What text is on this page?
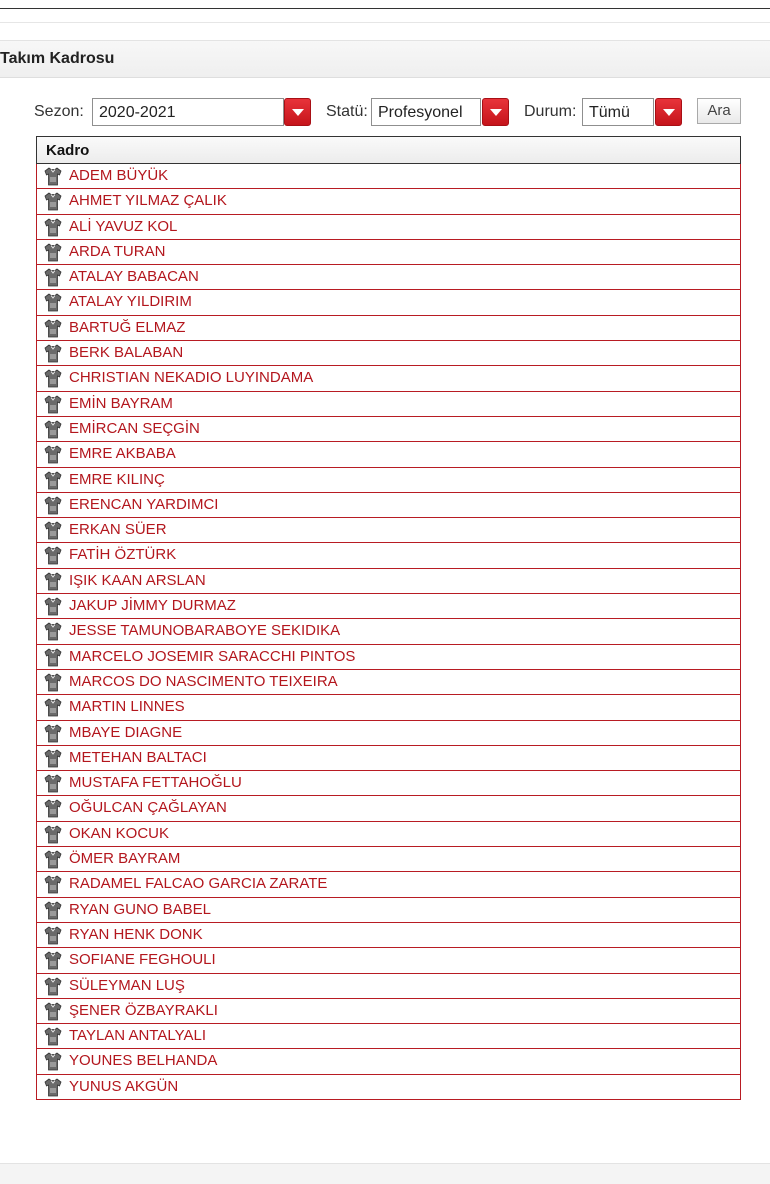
Takım Kadrosu
Sezon: 2020-2021	Statü: Profesyonel	Durum: Tümü	Ara
Kadro
ADEM BÜYÜK
AHMET YILMAZ ÇALIK
ALİ YAVUZ KOL
ARDA TURAN
ATALAY BABACAN
ATALAY YILDIRIM
BARTUĞ ELMAZ
BERK BALABAN
CHRISTIAN NEKADIO LUYINDAMA
EMİN BAYRAM
EMİRCAN SEÇGİN
EMRE AKBABA
EMRE KILINÇ
ERENCAN YARDIMCI
ERKAN SÜER
FATİH ÖZTÜRK
IŞIK KAAN ARSLAN
JAKUP JİMMY DURMAZ
JESSE TAMUNOBARABOYE SEKIDIKA
MARCELO JOSEMIR SARACCHI PINTOS
MARCOS DO NASCIMENTO TEIXEIRA
MARTIN LINNES
MBAYE DIAGNE
METEHAN BALTACI
MUSTAFA FETTAHOĞLU
OĞULCAN ÇAĞLAYAN
OKAN KOCUK
ÖMER BAYRAM
RADAMEL FALCAO GARCIA ZARATE
RYAN GUNO BABEL
RYAN HENK DONK
SOFIANE FEGHOULI
SÜLEYMAN LUŞ
ŞENER ÖZBAYRAKLI
TAYLAN ANTALYALI
YOUNES BELHANDA
YUNUS AKGÜN
